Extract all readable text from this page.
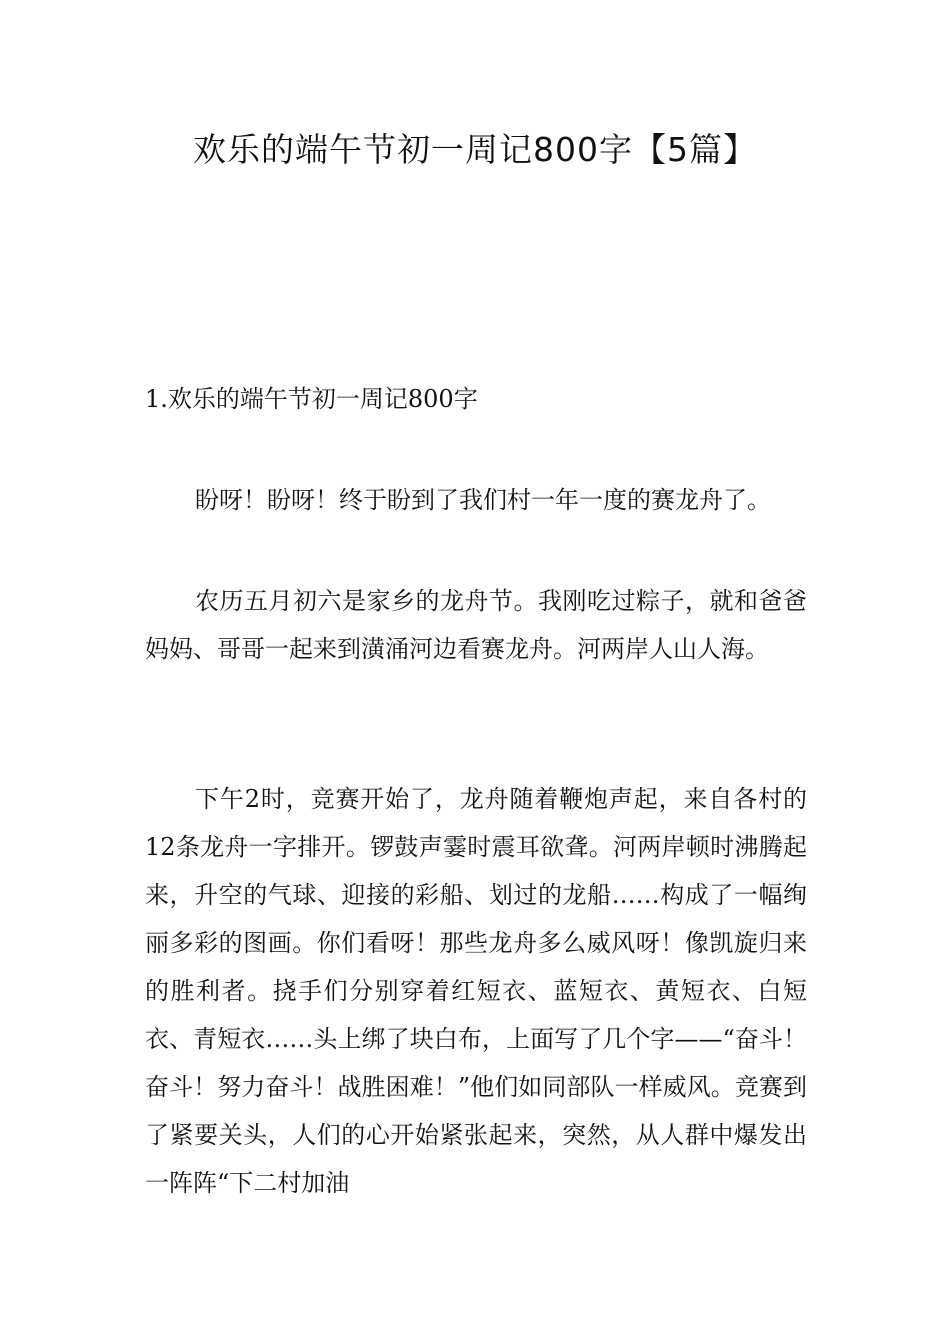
欢乐的端午节初一周记800字【5篇】

1.欢乐的端午节初一周记800字

盼呀！盼呀！终于盼到了我们村一年一度的赛龙舟了。

农历五月初六是家乡的龙舟节。我刚吃过粽子，就和爸爸妈妈、哥哥一起来到潢涌河边看赛龙舟。河两岸人山人海。

下午2时，竞赛开始了，龙舟随着鞭炮声起，来自各村的12条龙舟一字排开。锣鼓声霎时震耳欲聋。河两岸顿时沸腾起来，升空的气球、迎接的彩船、划过的龙船……构成了一幅绚丽多彩的图画。你们看呀！那些龙舟多么威风呀！像凯旋归来的胜利者。挠手们分别穿着红短衣、蓝短衣、黄短衣、白短衣、青短衣……头上绑了块白布，上面写了几个字——“奋斗！奋斗！努力奋斗！战胜困难！”他们如同部队一样威风。竞赛到了紧要关头，人们的心开始紧张起来，突然，从人群中爆发出一阵阵“下二村加油
